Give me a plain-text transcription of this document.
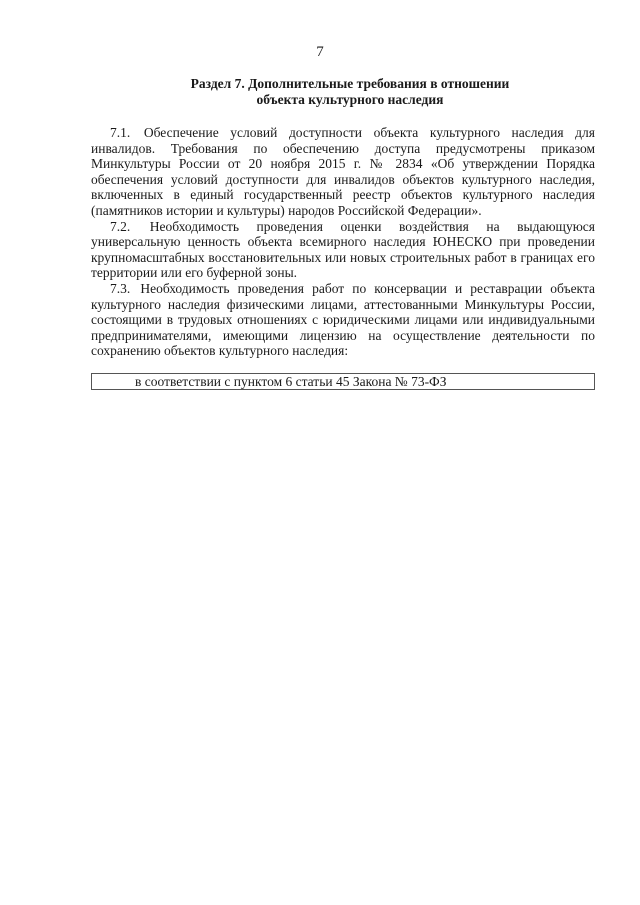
7
Раздел 7. Дополнительные требования в отношении
объекта культурного наследия

7.1. Обеспечение условий доступности объекта культурного наследия для инвалидов. Требования по обеспечению доступа предусмотрены приказом Минкультуры России от 20 ноября 2015 г. № 2834 «Об утверждении Порядка обеспечения условий доступности для инвалидов объектов культурного наследия, включенных в единый государственный реестр объектов культурного наследия (памятников истории и культуры) народов Российской Федерации».

7.2. Необходимость проведения оценки воздействия на выдающуюся универсальную ценность объекта всемирного наследия ЮНЕСКО при проведении крупномасштабных восстановительных или новых строительных работ в границах его территории или его буферной зоны.

7.3. Необходимость проведения работ по консервации и реставрации объекта культурного наследия физическими лицами, аттестованными Минкультуры России, состоящими в трудовых отношениях с юридическими лицами или индивидуальными предпринимателями, имеющими лицензию на осуществление деятельности по сохранению объектов культурного наследия:

в соответствии с пунктом 6 статьи 45 Закона № 73-ФЗ
